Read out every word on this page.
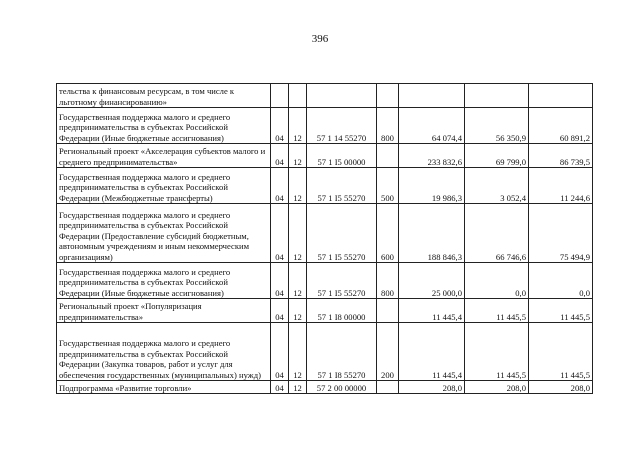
396
тельства к финансовым ресурсам, в том числе к льготному финансированию»							
Государственная поддержка малого и среднего предпринимательства в субъектах Российской Федерации (Иные бюджетные ассигнования)	04	12	57 1 14 55270	800	64 074,4	56 350,9	60 891,2
Региональный проект «Акселерация субъектов малого и среднего предпринимательства»	04	12	57 1 I5 00000		233 832,6	69 799,0	86 739,5
Государственная поддержка малого и среднего предпринимательства в субъектах Российской Федерации (Межбюджетные трансферты)	04	12	57 1 I5 55270	500	19 986,3	3 052,4	11 244,6
Государственная поддержка малого и среднего предпринимательства в субъектах Российской Федерации (Предоставление субсидий бюджетным, автономным учреждениям и иным некоммерческим организациям)	04	12	57 1 I5 55270	600	188 846,3	66 746,6	75 494,9
Государственная поддержка малого и среднего предпринимательства в субъектах Российской Федерации (Иные бюджетные ассигнования)	04	12	57 1 I5 55270	800	25 000,0	0,0	0,0
Региональный проект «Популяризация предпринимательства»	04	12	57 1 I8 00000		11 445,4	11 445,5	11 445,5
Государственная поддержка малого и среднего предпринимательства в субъектах Российской Федерации (Закупка товаров, работ и услуг для обеспечения государственных (муниципальных) нужд)	04	12	57 1 I8 55270	200	11 445,4	11 445,5	11 445,5
Подпрограмма «Развитие торговли»	04	12	57 2 00 00000		208,0	208,0	208,0
